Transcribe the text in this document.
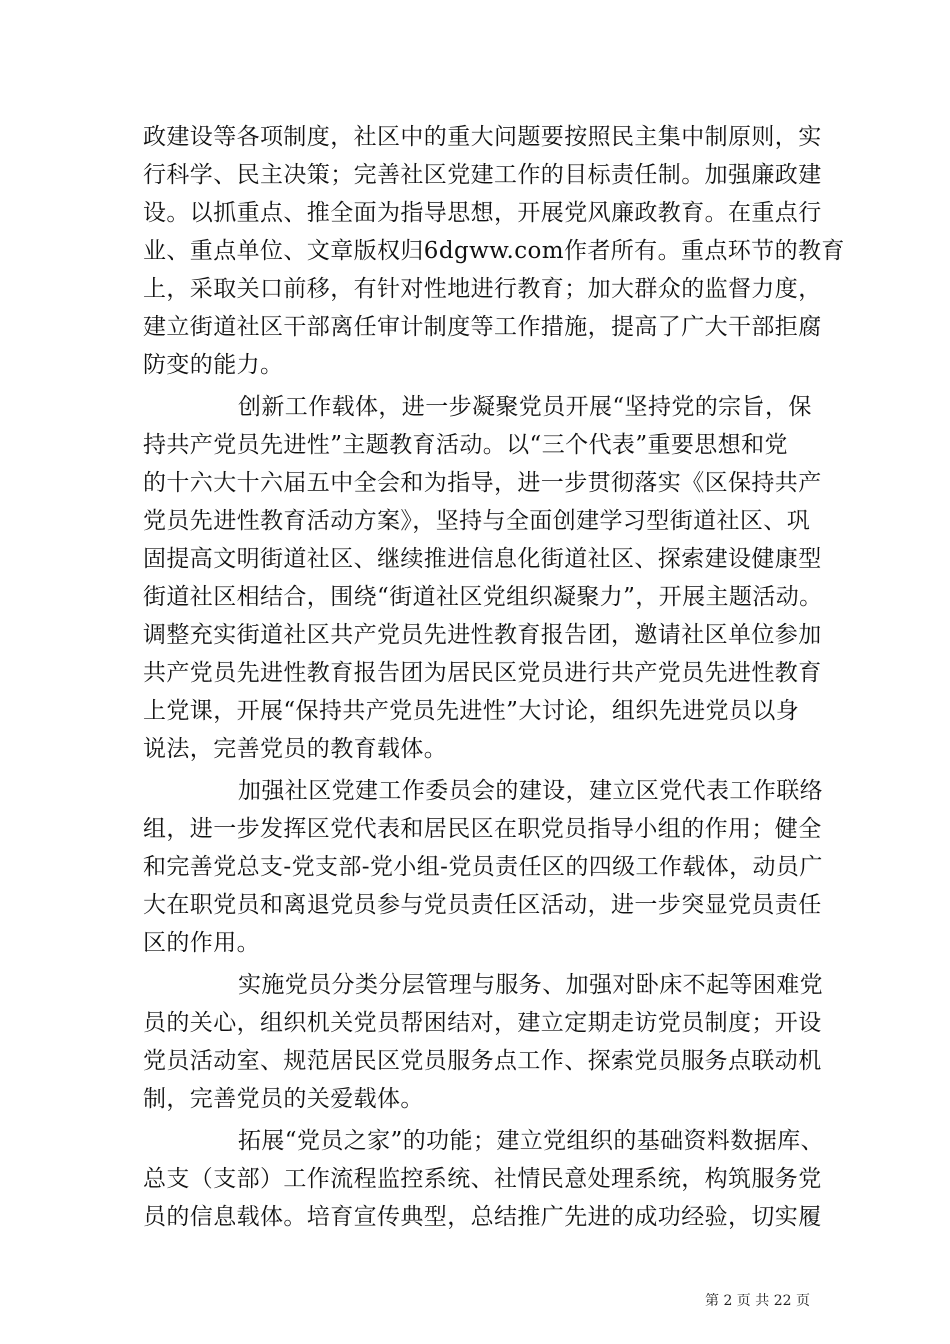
政建设等各项制度，社区中的重大问题要按照民主集中制原则，实
行科学、民主决策；完善社区党建工作的目标责任制。加强廉政建
设。以抓重点、推全面为指导思想，开展党风廉政教育。在重点行
业、重点单位、文章版权归6dgww.com作者所有。重点环节的教育
上，采取关口前移，有针对性地进行教育；加大群众的监督力度，
建立街道社区干部离任审计制度等工作措施，提高了广大干部拒腐
防变的能力。
创新工作载体，进一步凝聚党员开展“坚持党的宗旨，保
持共产党员先进性”主题教育活动。以“三个代表”重要思想和党
的十六大十六届五中全会和为指导，进一步贯彻落实《区保持共产
党员先进性教育活动方案》，坚持与全面创建学习型街道社区、巩
固提高文明街道社区、继续推进信息化街道社区、探索建设健康型
街道社区相结合，围绕“街道社区党组织凝聚力”，开展主题活动。
调整充实街道社区共产党员先进性教育报告团，邀请社区单位参加
共产党员先进性教育报告团为居民区党员进行共产党员先进性教育
上党课，开展“保持共产党员先进性”大讨论，组织先进党员以身
说法，完善党员的教育载体。
加强社区党建工作委员会的建设，建立区党代表工作联络
组，进一步发挥区党代表和居民区在职党员指导小组的作用；健全
和完善党总支-党支部-党小组-党员责任区的四级工作载体，动员广
大在职党员和离退党员参与党员责任区活动，进一步突显党员责任
区的作用。
实施党员分类分层管理与服务、加强对卧床不起等困难党
员的关心，组织机关党员帮困结对，建立定期走访党员制度；开设
党员活动室、规范居民区党员服务点工作、探索党员服务点联动机
制，完善党员的关爱载体。
拓展“党员之家”的功能；建立党组织的基础资料数据库、
总支（支部）工作流程监控系统、社情民意处理系统，构筑服务党
员的信息载体。培育宣传典型，总结推广先进的成功经验，切实履
第 2 页 共 22 页
